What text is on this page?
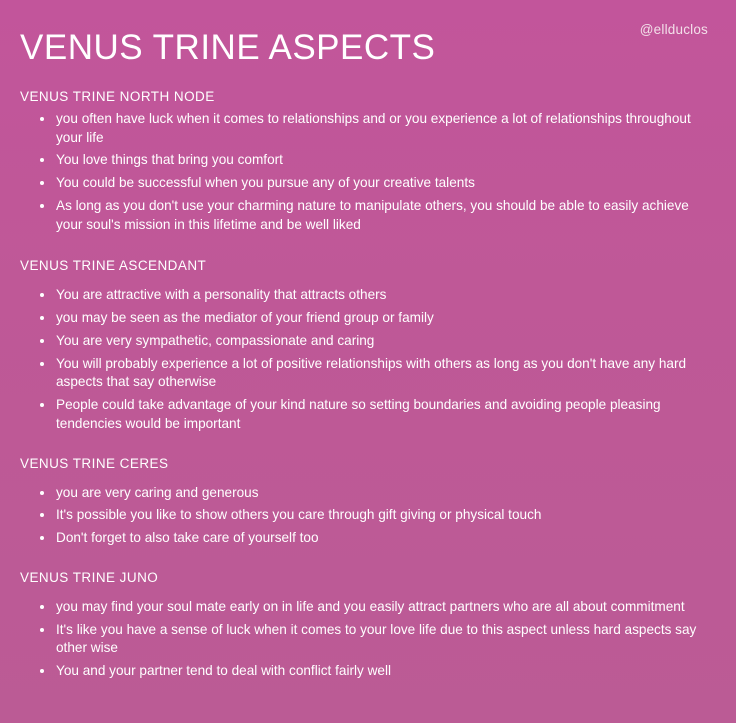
@ellduclos
VENUS TRINE ASPECTS
VENUS TRINE NORTH NODE
you often have luck when it comes to relationships and or you experience a lot of relationships throughout your life
You love things that bring you comfort
You could be successful when you pursue any of your creative talents
As long as you don't use your charming nature to manipulate others, you should be able to easily achieve your soul's mission in this lifetime and be well liked
VENUS TRINE ASCENDANT
You are attractive with a personality that attracts others
you may be seen as the mediator of your friend group or family
You are very sympathetic, compassionate and caring
You will probably experience a lot of positive relationships with others as long as you don't have any hard aspects that say otherwise
People could take advantage of your kind nature so setting boundaries and avoiding people pleasing tendencies would be important
VENUS TRINE CERES
you are very caring and generous
It's possible you like to show others you care through gift giving or physical touch
Don't forget to also take care of yourself too
VENUS TRINE JUNO
you may find your soul mate early on in life and you easily attract partners who are all about commitment
It's like you have a sense of luck when it comes to your love life due to this aspect unless hard aspects say other wise
You and your partner tend to deal with conflict fairly well
